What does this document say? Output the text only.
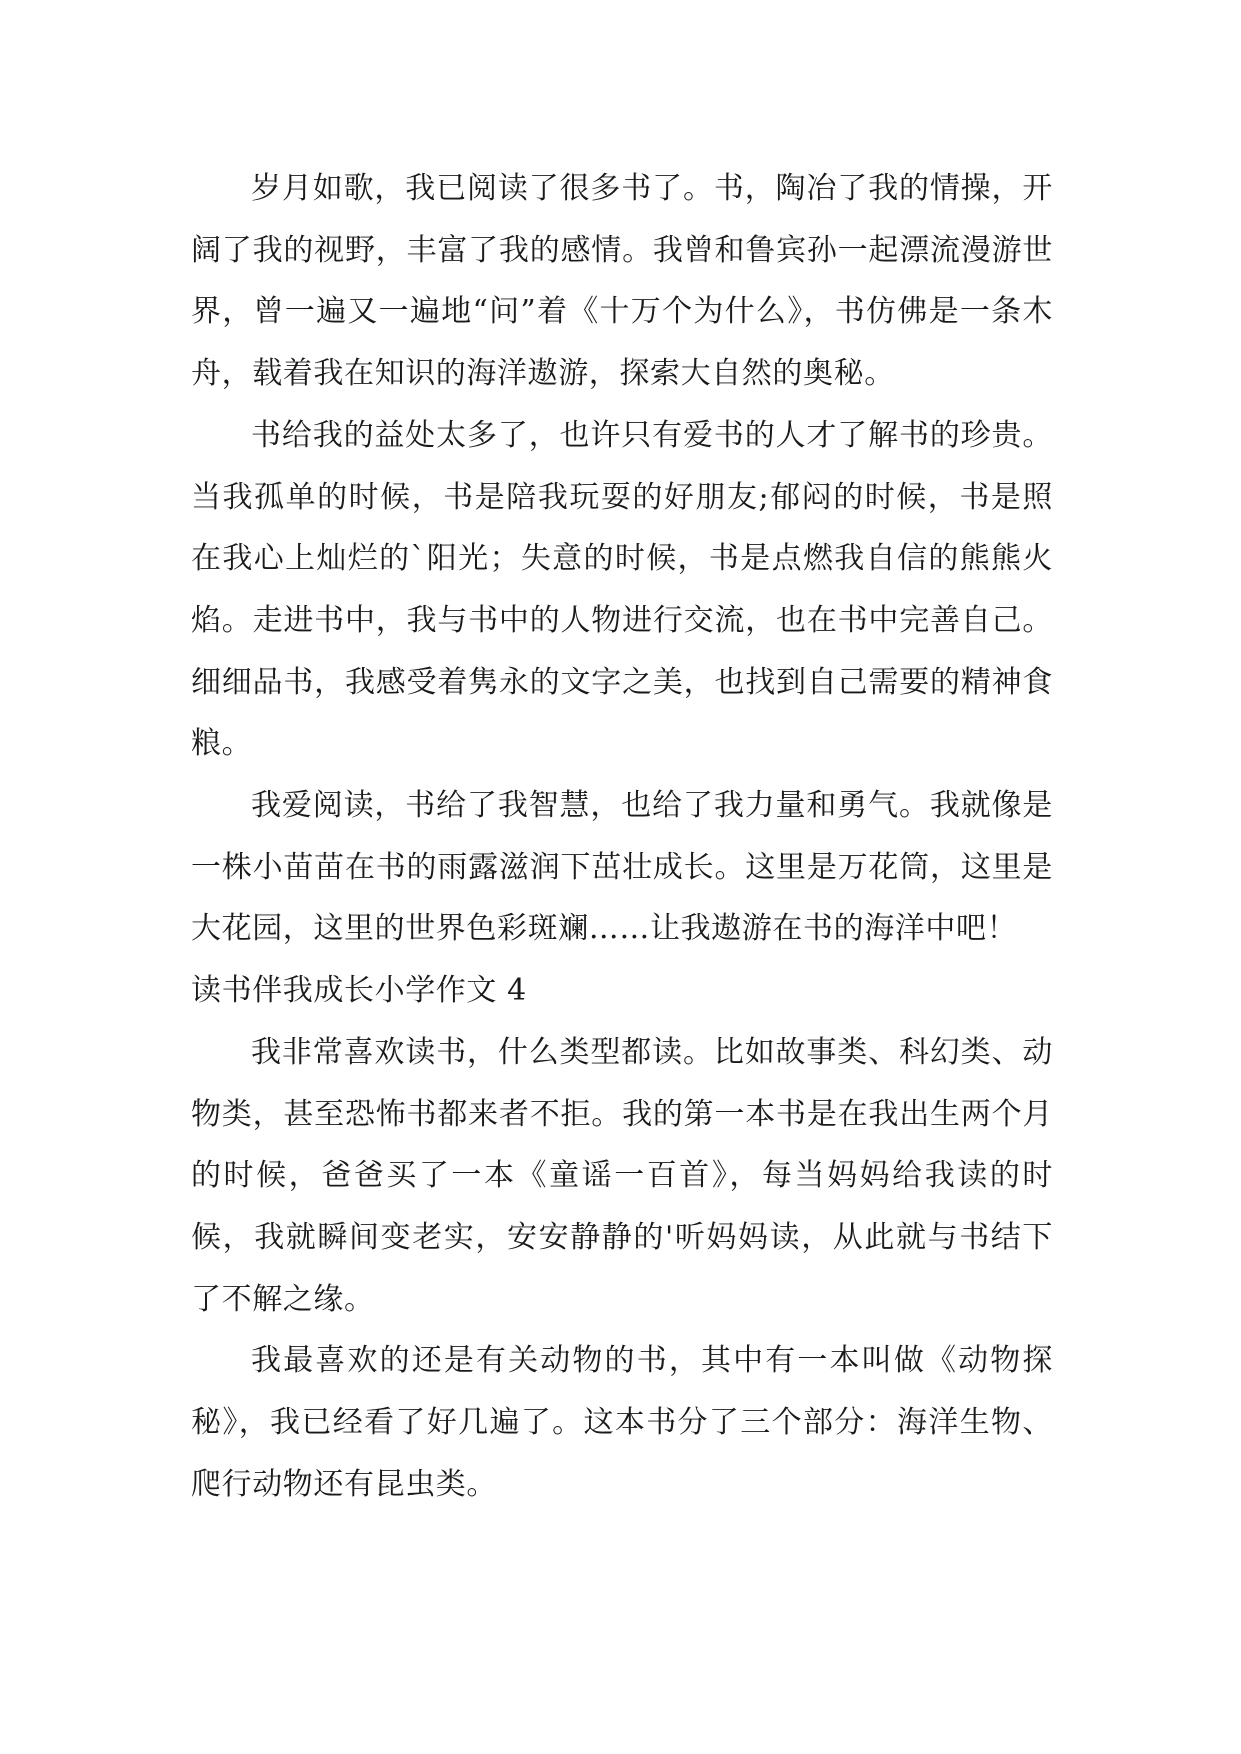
岁月如歌，我已阅读了很多书了。书，陶冶了我的情操，开阔了我的视野，丰富了我的感情。我曾和鲁宾孙一起漂流漫游世界，曾一遍又一遍地“问”着《十万个为什么》，书仿佛是一条木舟，载着我在知识的海洋遨游，探索大自然的奥秘。

书给我的益处太多了，也许只有爱书的人才了解书的珍贵。当我孤单的时候，书是陪我玩耍的好朋友;郁闷的时候，书是照在我心上灿烂的`阳光；失意的时候，书是点燃我自信的熊熊火焰。走进书中，我与书中的人物进行交流，也在书中完善自己。细细品书，我感受着隽永的文字之美，也找到自己需要的精神食粮。

我爱阅读，书给了我智慧，也给了我力量和勇气。我就像是一株小苗苗在书的雨露滋润下茁壮成长。这里是万花筒，这里是大花园，这里的世界色彩斑斓……让我遨游在书的海洋中吧！

读书伴我成长小学作文 4

我非常喜欢读书，什么类型都读。比如故事类、科幻类、动物类，甚至恐怖书都来者不拒。我的第一本书是在我出生两个月的时候，爸爸买了一本《童谣一百首》，每当妈妈给我读的时候，我就瞬间变老实，安安静静的'听妈妈读，从此就与书结下了不解之缘。

我最喜欢的还是有关动物的书，其中有一本叫做《动物探秘》，我已经看了好几遍了。这本书分了三个部分：海洋生物、爬行动物还有昆虫类。
